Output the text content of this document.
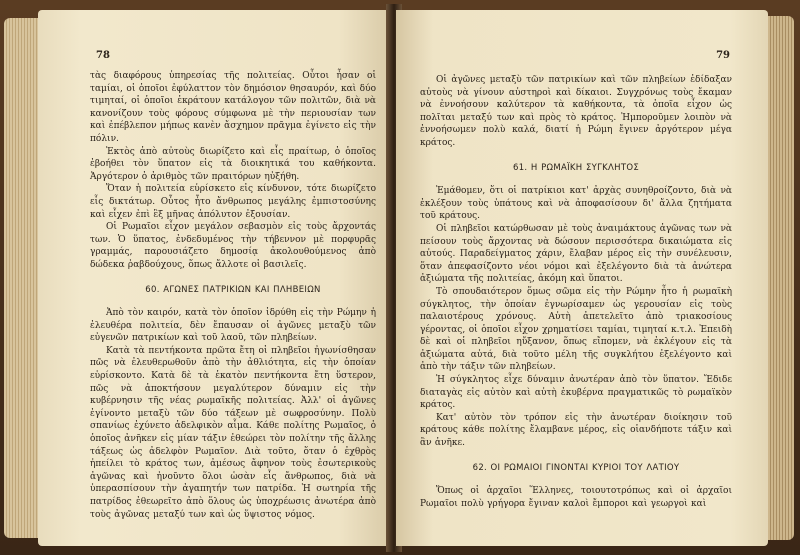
78

τὰς διαφόρους ὑπηρεσίας τῆς πολιτείας. Οὗτοι ἦσαν οἱ ταμίαι, οἱ ὁποῖοι ἐφύλαττον τὸν δημόσιον θησαυρόν, καὶ δύο τιμηταί, οἱ ὁποῖοι ἐκράτουν κατάλογον τῶν πολιτῶν, διὰ νὰ κανονίζουν τοὺς φόρους σύμφωνα μὲ τὴν περιουσίαν των καὶ ἐπέβλεπον μήπως κανὲν ἄσχημον πρᾶγμα ἐγίνετο εἰς τὴν πόλιν.

Ἐκτὸς ἀπὸ αὐτοὺς διωρίζετο καὶ εἷς πραίτωρ, ὁ ὁποῖος ἐβοήθει τὸν ὕπατον εἰς τὰ διοικητικά του καθήκοντα. Ἀργότερον ὁ ἀριθμὸς τῶν πραιτόρων ηὐξήθη.

Ὅταν ἡ πολιτεία εὑρίσκετο εἰς κίνδυνον, τότε διωρίζετο εἷς δικτάτωρ. Οὗτος ἦτο ἄνθρωπος μεγάλης ἐμπιστοσύνης καὶ εἶχεν ἐπὶ ἓξ μῆνας ἀπόλυτον ἐξουσίαν.

Οἱ Ρωμαῖοι εἶχον μεγάλον σεβασμὸν εἰς τοὺς ἄρχοντάς των. Ὁ ὕπατος, ἐνδεδυμένος τὴν τήβεννον μὲ πορφυρᾶς γραμμάς, παρουσιάζετο δημοσίᾳ ἀκολουθούμενος ἀπὸ δώδεκα ῥαβδούχους, ὅπως ἄλλοτε οἱ βασιλεῖς.

60. ΑΓΩΝΕΣ ΠΑΤΡΙΚΙΩΝ ΚΑΙ ΠΛΗΒΕΙΩΝ

Ἀπὸ τὸν καιρόν, κατὰ τὸν ὁποῖον ἱδρύθη εἰς τὴν Ρώμην ἡ ἐλευθέρα πολιτεία, δὲν ἔπαυσαν οἱ ἀγῶνες μεταξὺ τῶν εὐγενῶν πατρικίων καὶ τοῦ λαοῦ, τῶν πληβείων.

Κατὰ τὰ πεντήκοντα πρῶτα ἔτη οἱ πληβεῖοι ἠγωνίσθησαν πῶς νὰ ἐλευθερωθοῦν ἀπὸ τὴν ἀθλιότητα, εἰς τὴν ὁποίαν εὑρίσκοντο. Κατὰ δὲ τὰ ἑκατὸν πεντήκοντα ἔτη ὕστερον, πῶς νὰ ἀποκτήσουν μεγαλύτερον δύναμιν εἰς τὴν κυβέρνησιν τῆς νέας ρωμαϊκῆς πολιτείας. Ἀλλ' οἱ ἀγῶνες ἐγίνοντο μεταξὺ τῶν δύο τάξεων μὲ σωφροσύνην. Πολὺ σπανίως ἐχύνετο ἀδελφικὸν αἷμα. Κάθε πολίτης Ρωμαῖος, ὁ ὁποῖος ἀνῆκεν εἰς μίαν τάξιν ἐθεώρει τὸν πολίτην τῆς ἄλλης τάξεως ὡς ἀδελφὸν Ρωμαῖον. Διὰ τοῦτο, ὅταν ὁ ἐχθρὸς ἠπείλει τὸ κράτος των, ἀμέσως ἄφηνον τοὺς ἐσωτερικοὺς ἀγῶνας καὶ ἠνοῦντο ὅλοι ὡσὰν εἷς ἄνθρωπος, διὰ νὰ ὑπερασπίσουν τὴν ἀγαπητήν των πατρίδα. Ἡ σωτηρία τῆς πατρίδος ἐθεωρεῖτο ἀπὸ ὅλους ὡς ὑποχρέωσις ἀνωτέρα ἀπὸ τοὺς ἀγῶνας μεταξύ των καὶ ὡς ὕψιστος νόμος.

79

Οἱ ἀγῶνες μεταξὺ τῶν πατρικίων καὶ τῶν πληβείων ἐδίδαξαν αὐτοὺς νὰ γίνουν αὐστηροὶ καὶ δίκαιοι. Συγχρόνως τοὺς ἔκαμαν νὰ ἐννοήσουν καλύτερον τὰ καθήκοντα, τὰ ὁποῖα εἶχον ὡς πολῖται μεταξύ των καὶ πρὸς τὸ κράτος. Ἠμποροῦμεν λοιπὸν νὰ ἐννοήσωμεν πολὺ καλά, διατί ἡ Ρώμη ἔγινεν ἀργότερον μέγα κράτος.

61. Η ΡΩΜΑΪΚΗ ΣΥΓΚΛΗΤΟΣ

Ἐμάθομεν, ὅτι οἱ πατρίκιοι κατ' ἀρχὰς συνηθροίζοντο, διὰ νὰ ἐκλέξουν τοὺς ὑπάτους καὶ νὰ ἀποφασίσουν δι' ἄλλα ζητήματα τοῦ κράτους.

Οἱ πληβεῖοι κατώρθωσαν μὲ τοὺς ἀναιμάκτους ἀγῶνας των νὰ πείσουν τοὺς ἄρχοντας νὰ δώσουν περισσότερα δικαιώματα εἰς αὐτούς. Παραδείγματος χάριν, ἔλαβαν μέρος εἰς τὴν συνέλευσιν, ὅταν ἀπεφασίζοντο νέοι νόμοι καὶ ἐξελέγοντο διὰ τὰ ἀνώτερα ἀξιώματα τῆς πολιτείας, ἀκόμη καὶ ὕπατοι.

Τὸ σπουδαιότερον ὅμως σῶμα εἰς τὴν Ρώμην ἦτο ἡ ρωμαϊκὴ σύγκλητος, τὴν ὁποίαν ἐγνωρίσαμεν ὡς γερουσίαν εἰς τοὺς παλαιοτέρους χρόνους. Αὐτὴ ἀπετελεῖτο ἀπὸ τριακοσίους γέροντας, οἱ ὁποῖοι εἶχον χρηματίσει ταμίαι, τιμηταί κ.τ.λ. Ἐπειδὴ δὲ καὶ οἱ πληβεῖοι ηὔξανον, ὅπως εἴπομεν, νὰ ἐκλέγουν εἰς τὰ ἀξιώματα αὐτά, διὰ τοῦτο μέλη τῆς συγκλήτου ἐξελέγοντο καὶ ἀπὸ τὴν τάξιν τῶν πληβείων.

Ἡ σύγκλητος εἶχε δύναμιν ἀνωτέραν ἀπὸ τὸν ὕπατον. Ἔδιδε διαταγὰς εἰς αὐτὸν καὶ αὐτὴ ἐκυβέρνα πραγματικῶς τὸ ρωμαϊκὸν κράτος.

Κατ' αὐτὸν τὸν τρόπον εἰς τὴν ἀνωτέραν διοίκησιν τοῦ κράτους κάθε πολίτης ἔλαμβανε μέρος, εἰς οἱανδήποτε τάξιν καὶ ἂν ἀνῆκε.

62. ΟΙ ΡΩΜΑΙΟΙ ΓΙΝΟΝΤΑΙ ΚΥΡΙΟΙ ΤΟΥ ΛΑΤΙΟΥ

Ὅπως οἱ ἀρχαῖοι Ἕλληνες, τοιουτοτρόπως καὶ οἱ ἀρχαῖοι Ρωμαῖοι πολὺ γρήγορα ἔγιναν καλοὶ ἔμποροι καὶ γεωργοὶ καὶ
